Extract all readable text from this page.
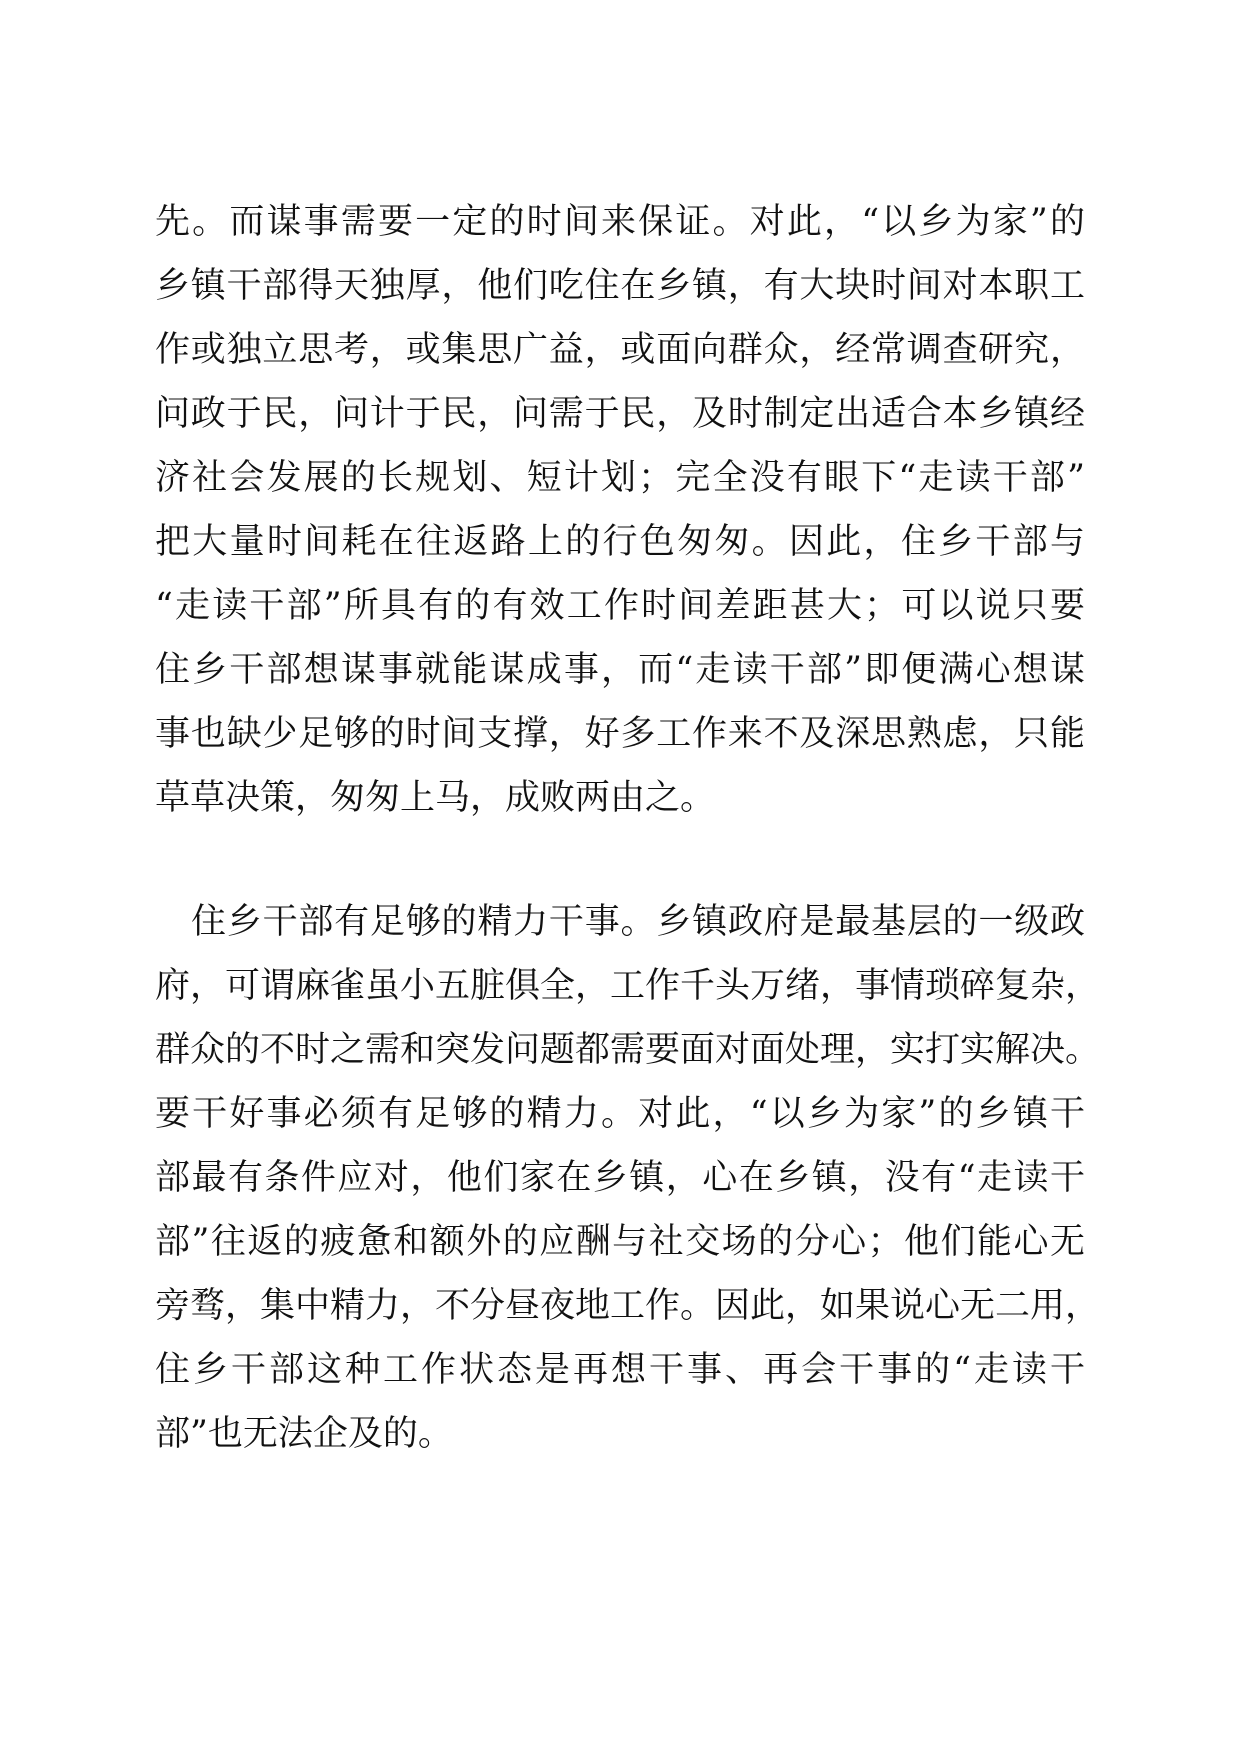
先。而谋事需要一定的时间来保证。对此，“以乡为家”的
乡镇干部得天独厚，他们吃住在乡镇，有大块时间对本职工
作或独立思考，或集思广益，或面向群众，经常调查研究，
问政于民，问计于民，问需于民，及时制定出适合本乡镇经
济社会发展的长规划、短计划；完全没有眼下“走读干部”
把大量时间耗在往返路上的行色匆匆。因此，住乡干部与
“走读干部”所具有的有效工作时间差距甚大；可以说只要
住乡干部想谋事就能谋成事，而“走读干部”即便满心想谋
事也缺少足够的时间支撑，好多工作来不及深思熟虑，只能
草草决策，匆匆上马，成败两由之。
住乡干部有足够的精力干事。乡镇政府是最基层的一级政
府，可谓麻雀虽小五脏俱全，工作千头万绪，事情琐碎复杂，
群众的不时之需和突发问题都需要面对面处理，实打实解决。
要干好事必须有足够的精力。对此，“以乡为家”的乡镇干
部最有条件应对，他们家在乡镇，心在乡镇，没有“走读干
部”往返的疲惫和额外的应酬与社交场的分心；他们能心无
旁骛，集中精力，不分昼夜地工作。因此，如果说心无二用，
住乡干部这种工作状态是再想干事、再会干事的“走读干
部”也无法企及的。
